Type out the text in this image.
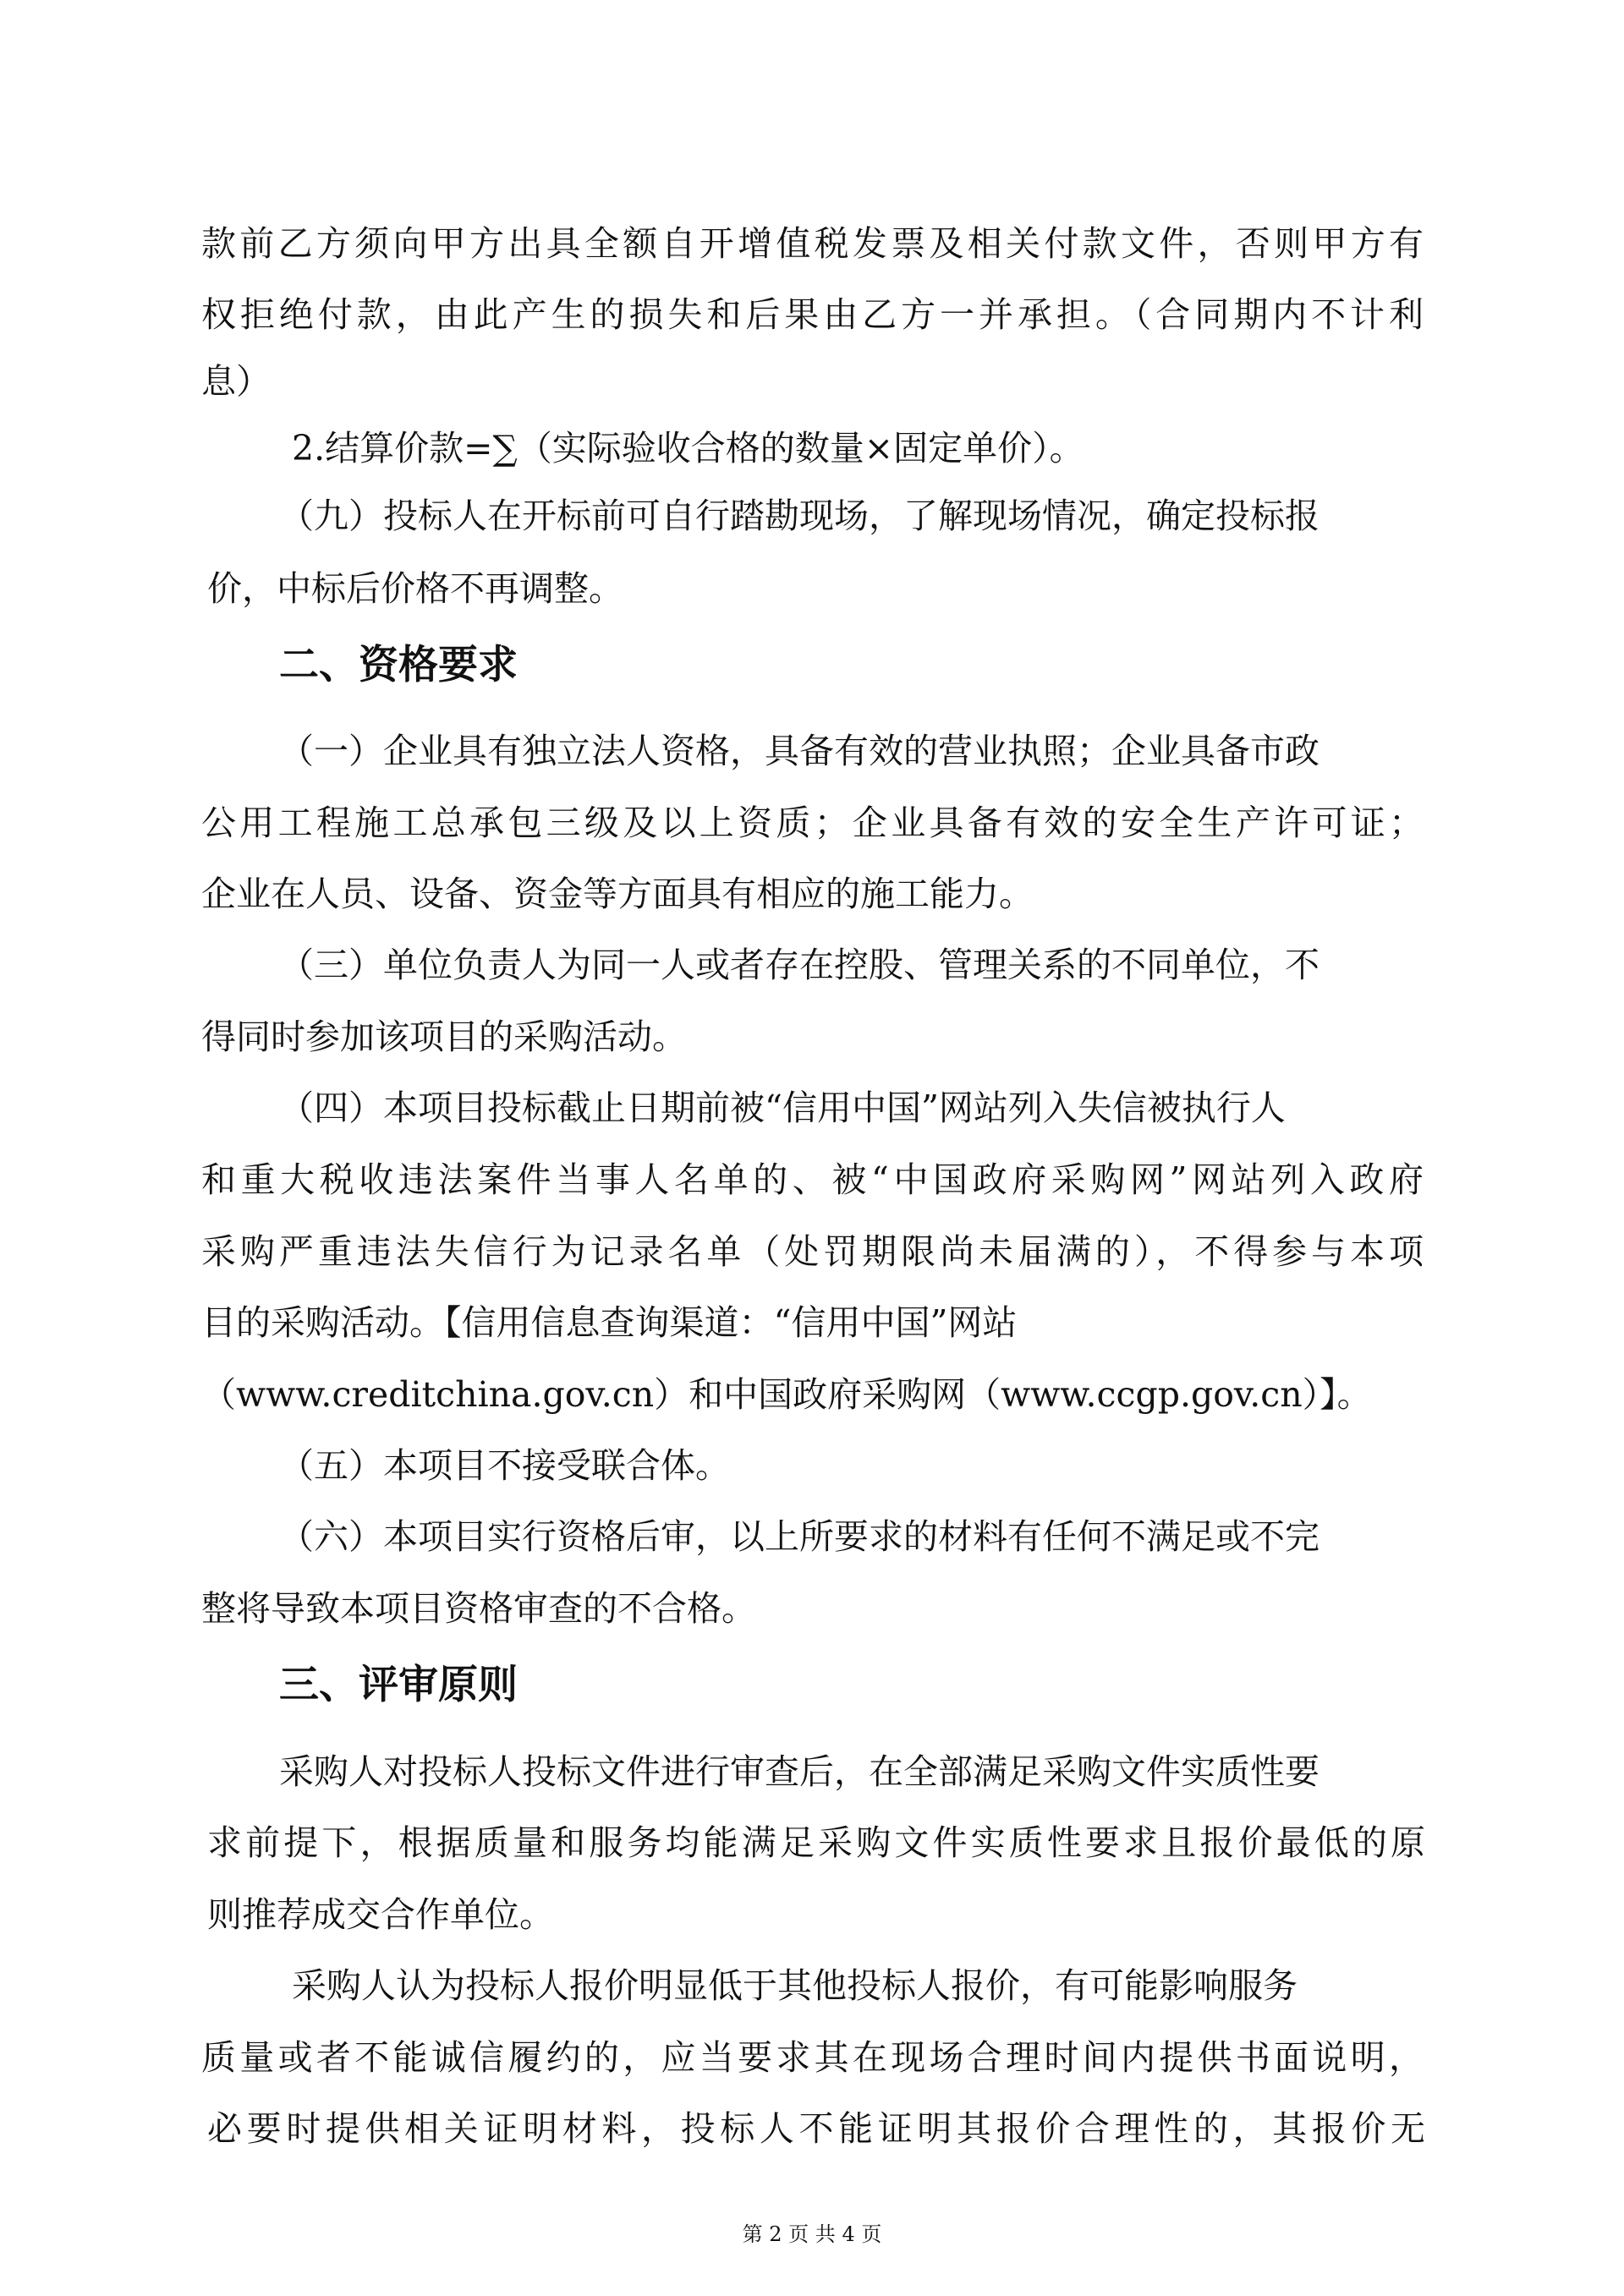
款前乙方须向甲方出具全额自开增值税发票及相关付款文件，否则甲方有
权拒绝付款，由此产生的损失和后果由乙方一并承担。（合同期内不计利
息）
2.结算价款=∑（实际验收合格的数量×固定单价）。
（九）投标人在开标前可自行踏勘现场，了解现场情况，确定投标报
价，中标后价格不再调整。
二、资格要求
（一）企业具有独立法人资格，具备有效的营业执照；企业具备市政
公用工程施工总承包三级及以上资质；企业具备有效的安全生产许可证；
企业在人员、设备、资金等方面具有相应的施工能力。
（三）单位负责人为同一人或者存在控股、管理关系的不同单位，不
得同时参加该项目的采购活动。
（四）本项目投标截止日期前被“信用中国”网站列入失信被执行人
和重大税收违法案件当事人名单的、被“中国政府采购网”网站列入政府
采购严重违法失信行为记录名单（处罚期限尚未届满的），不得参与本项
目的采购活动。【信用信息查询渠道：“信用中国”网站
（www.creditchina.gov.cn）和中国政府采购网（www.ccgp.gov.cn）】。
（五）本项目不接受联合体。
（六）本项目实行资格后审，以上所要求的材料有任何不满足或不完
整将导致本项目资格审查的不合格。
三、评审原则
采购人对投标人投标文件进行审查后，在全部满足采购文件实质性要
求前提下，根据质量和服务均能满足采购文件实质性要求且报价最低的原
则推荐成交合作单位。
采购人认为投标人报价明显低于其他投标人报价，有可能影响服务
质量或者不能诚信履约的，应当要求其在现场合理时间内提供书面说明，
必要时提供相关证明材料，投标人不能证明其报价合理性的，其报价无
第 2 页 共 4 页
